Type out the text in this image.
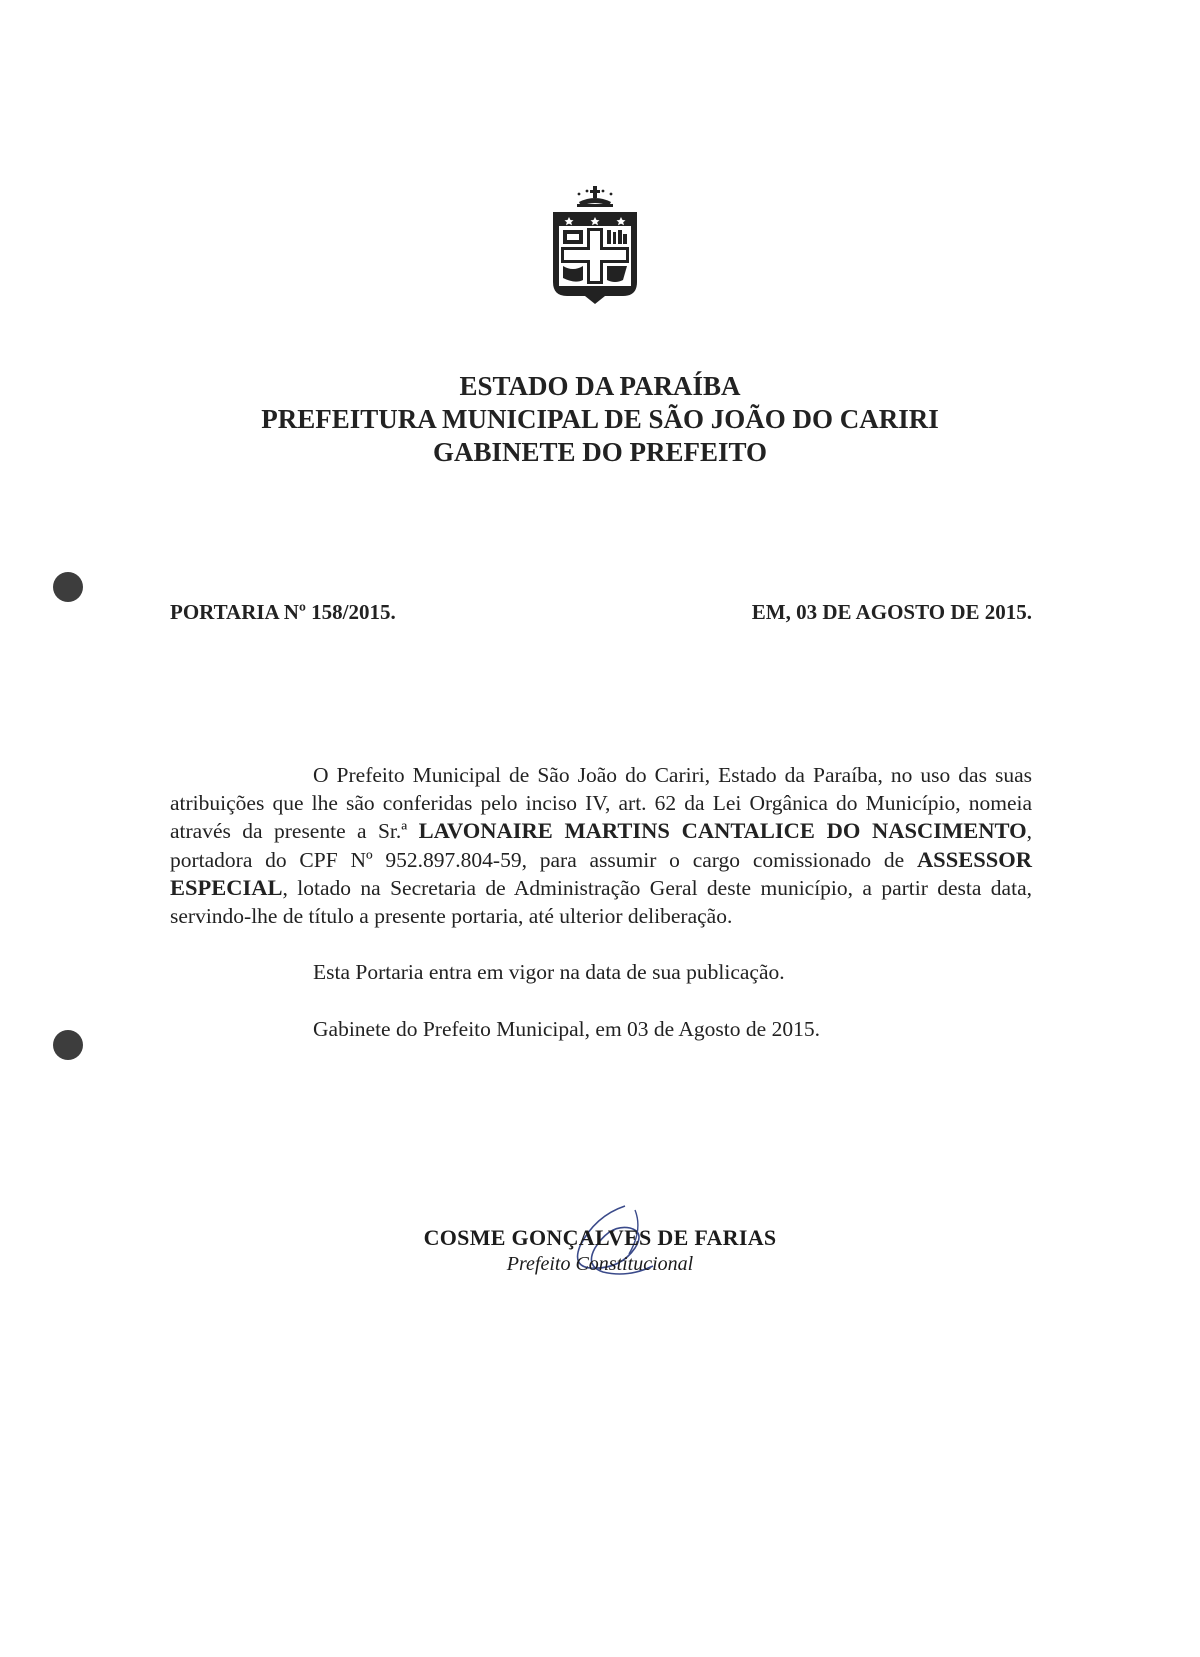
ESTADO DA PARAÍBA
PREFEITURA MUNICIPAL DE SÃO JOÃO DO CARIRI
GABINETE DO PREFEITO
PORTARIA Nº 158/2015.	EM, 03 DE AGOSTO DE 2015.

O Prefeito Municipal de São João do Cariri, Estado da Paraíba, no uso das suas atribuições que lhe são conferidas pelo inciso IV, art. 62 da Lei Orgânica do Município, nomeia através da presente a Sr.ª LAVONAIRE MARTINS CANTALICE DO NASCIMENTO, portadora do CPF Nº 952.897.804-59, para assumir o cargo comissionado de ASSESSOR ESPECIAL, lotado na Secretaria de Administração Geral deste município, a partir desta data, servindo-lhe de título a presente portaria, até ulterior deliberação.

Esta Portaria entra em vigor na data de sua publicação.

Gabinete do Prefeito Municipal, em 03 de Agosto de 2015.

COSME GONÇALVES DE FARIAS
Prefeito Constitucional
